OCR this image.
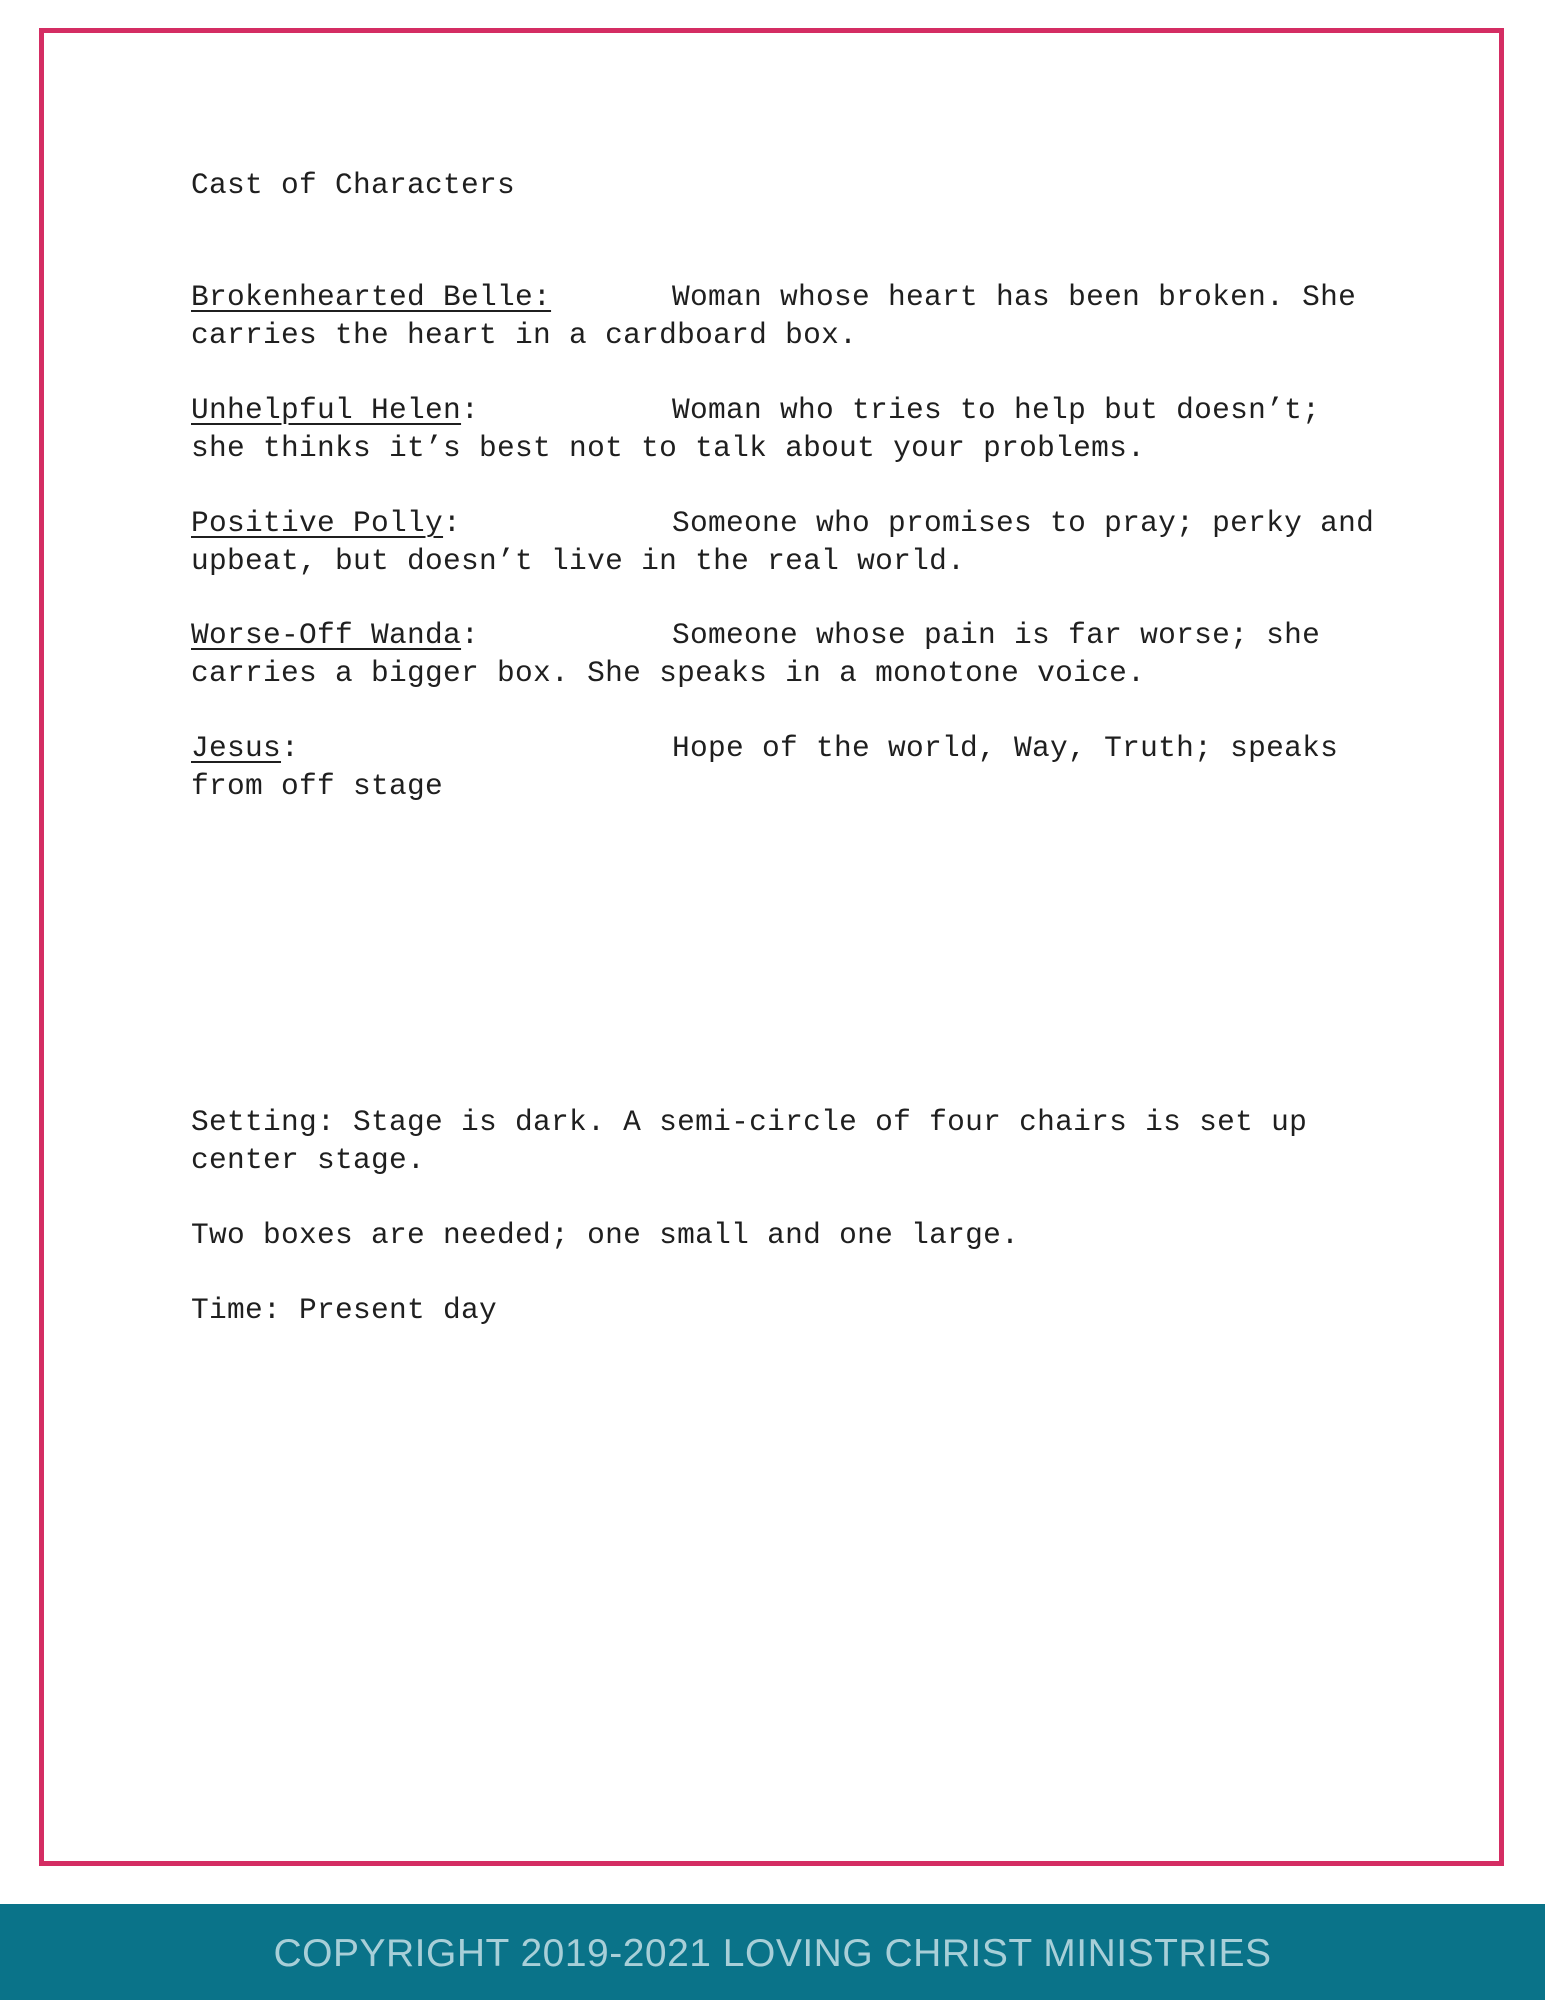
Cast of Characters

Brokenhearted Belle:

	Woman whose heart has been broken. She

carries the heart in a cardboard box.

Unhelpful Helen:

	Woman who tries to help but doesn’t;

she thinks it’s best not to talk about your problems.

Positive Polly:

	Someone who promises to pray; perky and

upbeat, but doesn’t live in the real world.

Worse-Off Wanda:

	Someone whose pain is far worse; she

carries a bigger box. She speaks in a monotone voice.

Jesus:

	Hope of the world, Way, Truth; speaks

from off stage
Setting: Stage is dark. A semi-circle of four chairs is set up
center stage.
Two boxes are needed; one small and one large.
Time: Present day
COPYRIGHT 2019-2021 LOVING CHRIST MINISTRIES
